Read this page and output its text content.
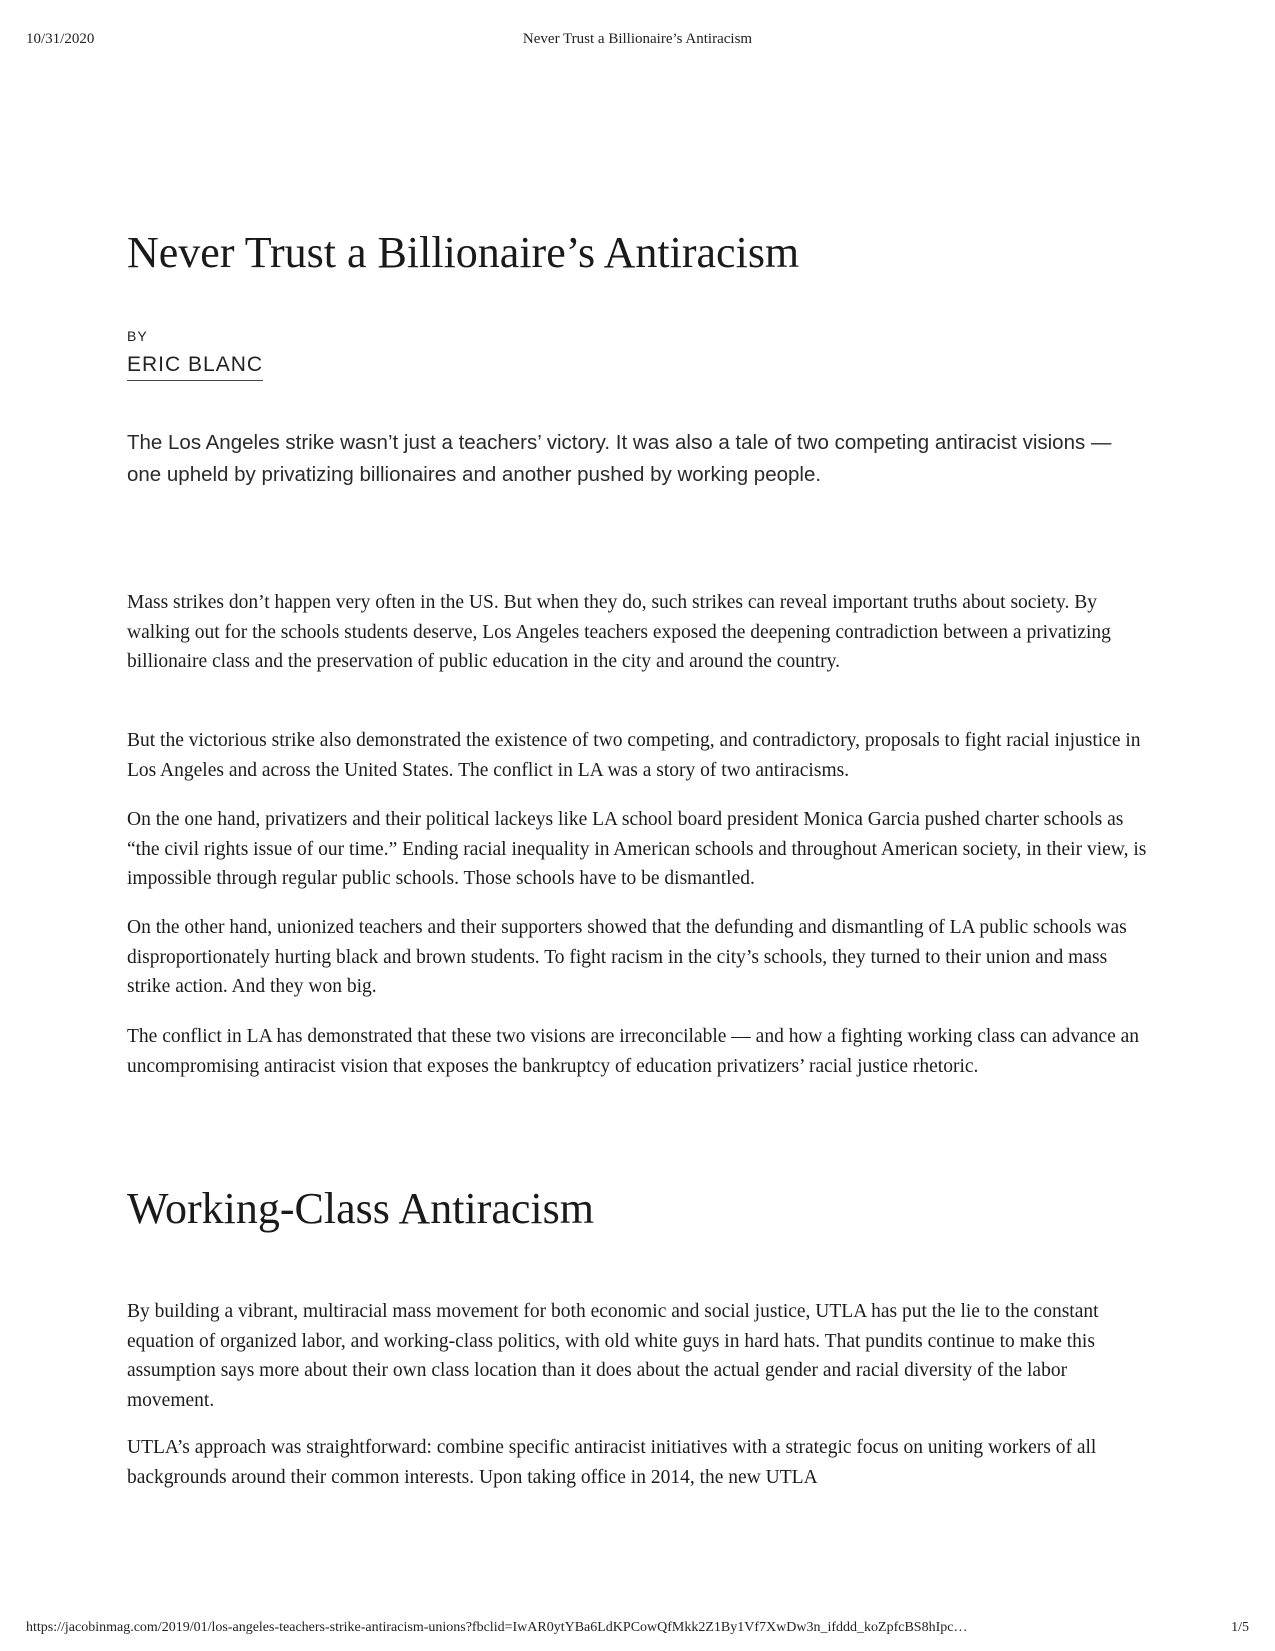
10/31/2020	Never Trust a Billionaire’s Antiracism
Never Trust a Billionaire’s Antiracism
BY
ERIC BLANC

The Los Angeles strike wasn’t just a teachers’ victory. It was also a tale of two competing antiracist visions — one upheld by privatizing billionaires and another pushed by working people.

Mass strikes don’t happen very often in the US. But when they do, such strikes can reveal important truths about society. By walking out for the schools students deserve, Los Angeles teachers exposed the deepening contradiction between a privatizing billionaire class and the preservation of public education in the city and around the country.

But the victorious strike also demonstrated the existence of two competing, and contradictory, proposals to fight racial injustice in Los Angeles and across the United States. The conflict in LA was a story of two antiracisms.

On the one hand, privatizers and their political lackeys like LA school board president Monica Garcia pushed charter schools as “the civil rights issue of our time.” Ending racial inequality in American schools and throughout American society, in their view, is impossible through regular public schools. Those schools have to be dismantled.

On the other hand, unionized teachers and their supporters showed that the defunding and dismantling of LA public schools was disproportionately hurting black and brown students. To fight racism in the city’s schools, they turned to their union and mass strike action. And they won big.

The conflict in LA has demonstrated that these two visions are irreconcilable — and how a fighting working class can advance an uncompromising antiracist vision that exposes the bankruptcy of education privatizers’ racial justice rhetoric.

Working-Class Antiracism

By building a vibrant, multiracial mass movement for both economic and social justice, UTLA has put the lie to the constant equation of organized labor, and working-class politics, with old white guys in hard hats. That pundits continue to make this assumption says more about their own class location than it does about the actual gender and racial diversity of the labor movement.

UTLA’s approach was straightforward: combine specific antiracist initiatives with a strategic focus on uniting workers of all backgrounds around their common interests. Upon taking office in 2014, the new UTLA

https://jacobinmag.com/2019/01/los-angeles-teachers-strike-antiracism-unions?fbclid=IwAR0ytYBa6LdKPCowQfMkk2Z1By1Vf7XwDw3n_ifddd_koZpfcBS8hIpc…	1/5
